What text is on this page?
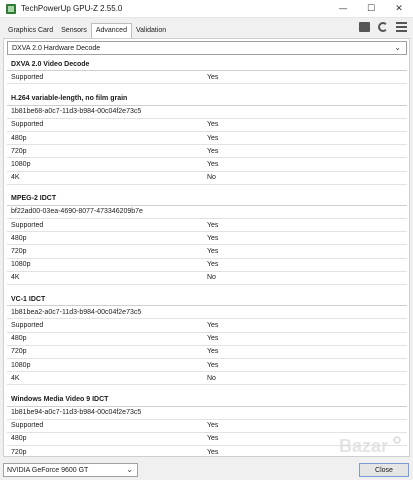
TechPowerUp GPU-Z 2.55.0	—	☐	✕
Graphics Card	Sensors	Advanced	Validation
DXVA 2.0 Hardware Decode	⌄
DXVA 2.0 Video Decode
Supported	Yes
H.264 variable-length, no film grain
1b81be68-a0c7-11d3-b984-00c04f2e73c5
Supported	Yes
480p	Yes
720p	Yes
1080p	Yes
4K	No
MPEG-2 IDCT
bf22ad00-03ea-4690-8077-473346209b7e
Supported	Yes
480p	Yes
720p	Yes
1080p	Yes
4K	No
VC-1 IDCT
1b81bea2-a0c7-11d3-b984-00c04f2e73c5
Supported	Yes
480p	Yes
720p	Yes
1080p	Yes
4K	No
Windows Media Video 9 IDCT
1b81be94-a0c7-11d3-b984-00c04f2e73c5
Supported	Yes
480p	Yes
720p	Yes
NVIDIA GeForce 9600 GT	⌄	Close
Bazar
